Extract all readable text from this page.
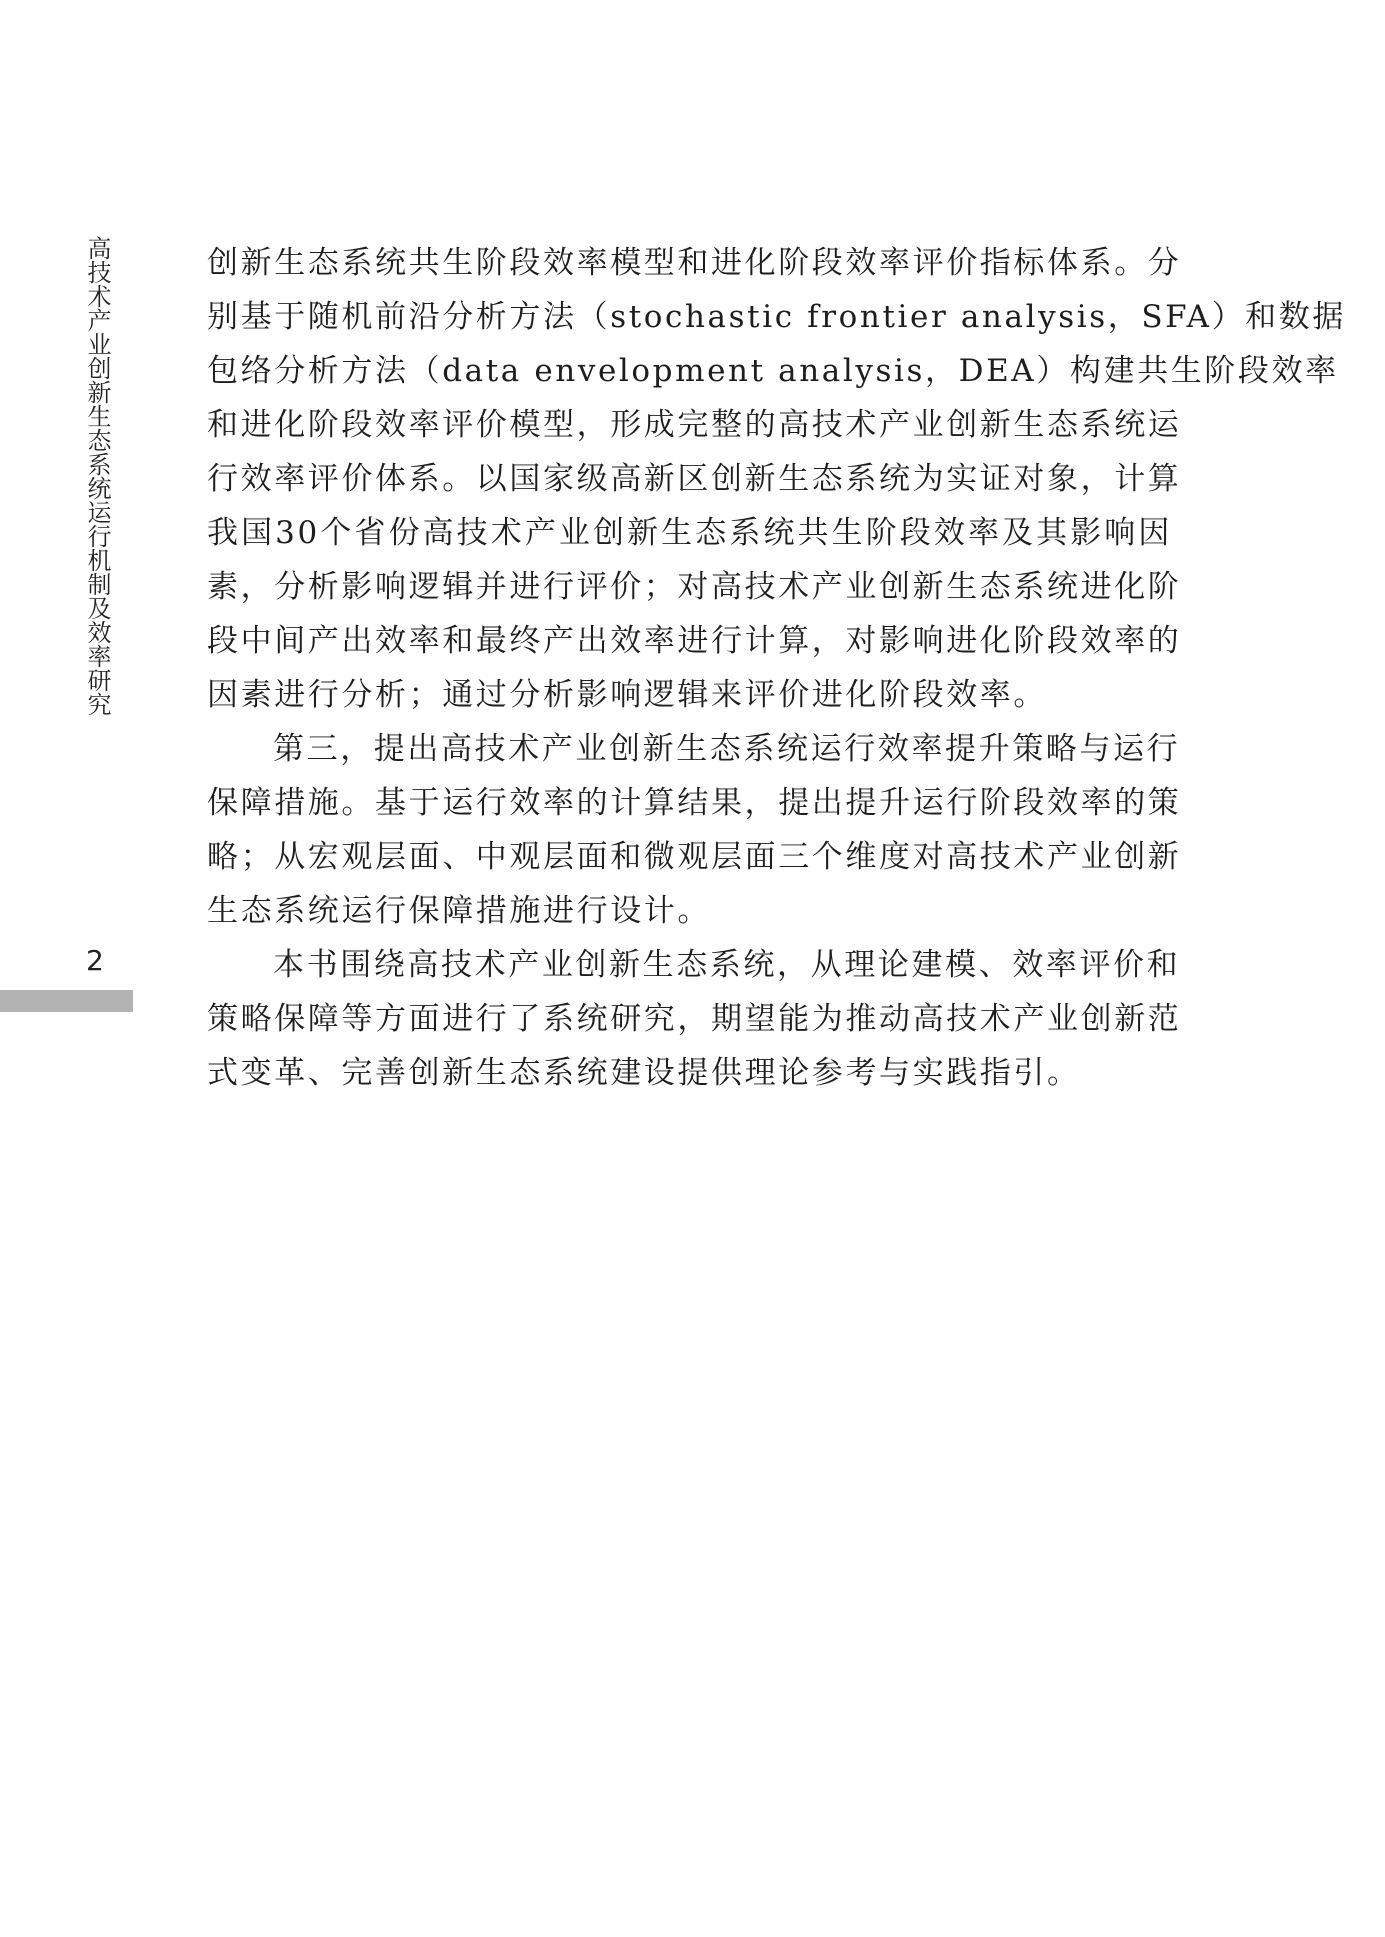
高技术产业创新生态系统运行机制及效率研究
2
创新生态系统共生阶段效率模型和进化阶段效率评价指标体系。分
别基于随机前沿分析方法（stochastic frontier analysis，SFA）和数据
包络分析方法（data envelopment analysis，DEA）构建共生阶段效率
和进化阶段效率评价模型，形成完整的高技术产业创新生态系统运
行效率评价体系。以国家级高新区创新生态系统为实证对象，计算
我国30个省份高技术产业创新生态系统共生阶段效率及其影响因
素，分析影响逻辑并进行评价；对高技术产业创新生态系统进化阶
段中间产出效率和最终产出效率进行计算，对影响进化阶段效率的
因素进行分析；通过分析影响逻辑来评价进化阶段效率。
第三，提出高技术产业创新生态系统运行效率提升策略与运行
保障措施。基于运行效率的计算结果，提出提升运行阶段效率的策
略；从宏观层面、中观层面和微观层面三个维度对高技术产业创新
生态系统运行保障措施进行设计。
本书围绕高技术产业创新生态系统，从理论建模、效率评价和
策略保障等方面进行了系统研究，期望能为推动高技术产业创新范
式变革、完善创新生态系统建设提供理论参考与实践指引。
